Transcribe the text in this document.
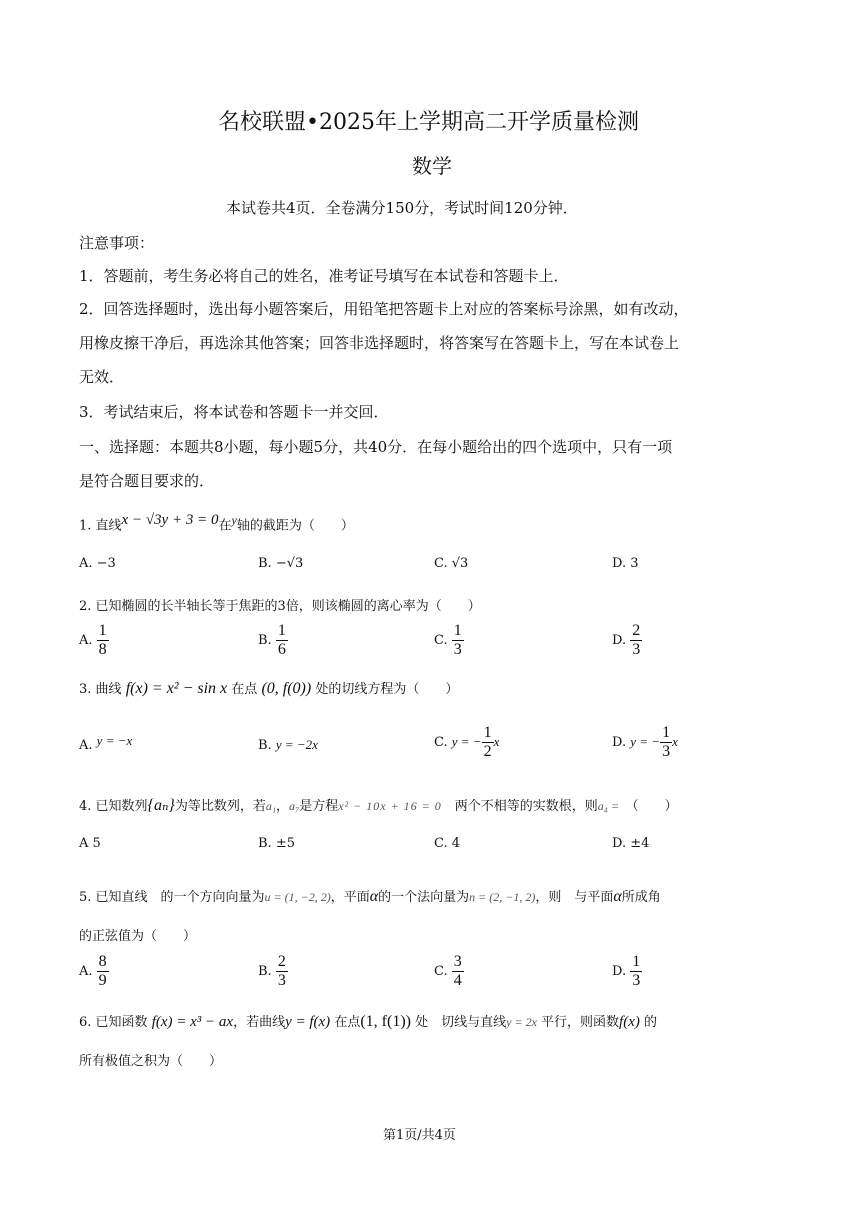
名校联盟•2025年上学期高二开学质量检测
数学
本试卷共4页．全卷满分150分，考试时间120分钟．
注意事项：
1．答题前，考生务必将自己的姓名，准考证号填写在本试卷和答题卡上．
2．回答选择题时，选出每小题答案后，用铅笔把答题卡上对应的答案标号涂黑，如有改动，
用橡皮擦干净后，再选涂其他答案；回答非选择题时，将答案写在答题卡上，写在本试卷上
无效．
3．考试结束后，将本试卷和答题卡一并交回．
一、选择题：本题共8小题，每小题5分，共40分．在每小题给出的四个选项中，只有一项
是符合题目要求的．
1. 直线x − √3y + 3 = 0在$^y$轴的截距为（　　）
A. −3	B. −√3	C. √3	D. 3
2. 已知椭圆的长半轴长等于焦距的3倍，则该椭圆的离心率为（　　）
A. $\frac{1}{8}$	B. $\frac{1}{6}$	C. $\frac{1}{3}$	D. $\frac{2}{3}$
3. 曲线 f(x) = x² − sin x 在点 (0, f(0)) 处的切线方程为（　　）
A. y = −x	B. y = −2x	C. y = − $\frac{1}{2}$ x	D. y = − $\frac{1}{3}$ x
4. 已知数列{aₙ}为等比数列，若a₁，a₇是方程x² − 10x + 16 = 0　 两个不相等的实数根，则a₄ =　 （　　）
A 5	B. ±5	C. 4	D. ±4
5. 已知直线　的一个方向向量为u = (1, −2, 2)，平面α的一个法向量为n = (2, −1, 2)，则　与平面α所成角
的正弦值为（　　）
A. $\frac{8}{9}$	B. $\frac{2}{3}$	C. $\frac{3}{4}$	D. $\frac{1}{3}$
6. 已知函数 f(x) = x³ − ax，若曲线y = f(x) 在点(1, f(1)) 处　切线与直线y = 2x 平行，则函数f(x) 的
所有极值之积为（　　）
第1页/共4页
